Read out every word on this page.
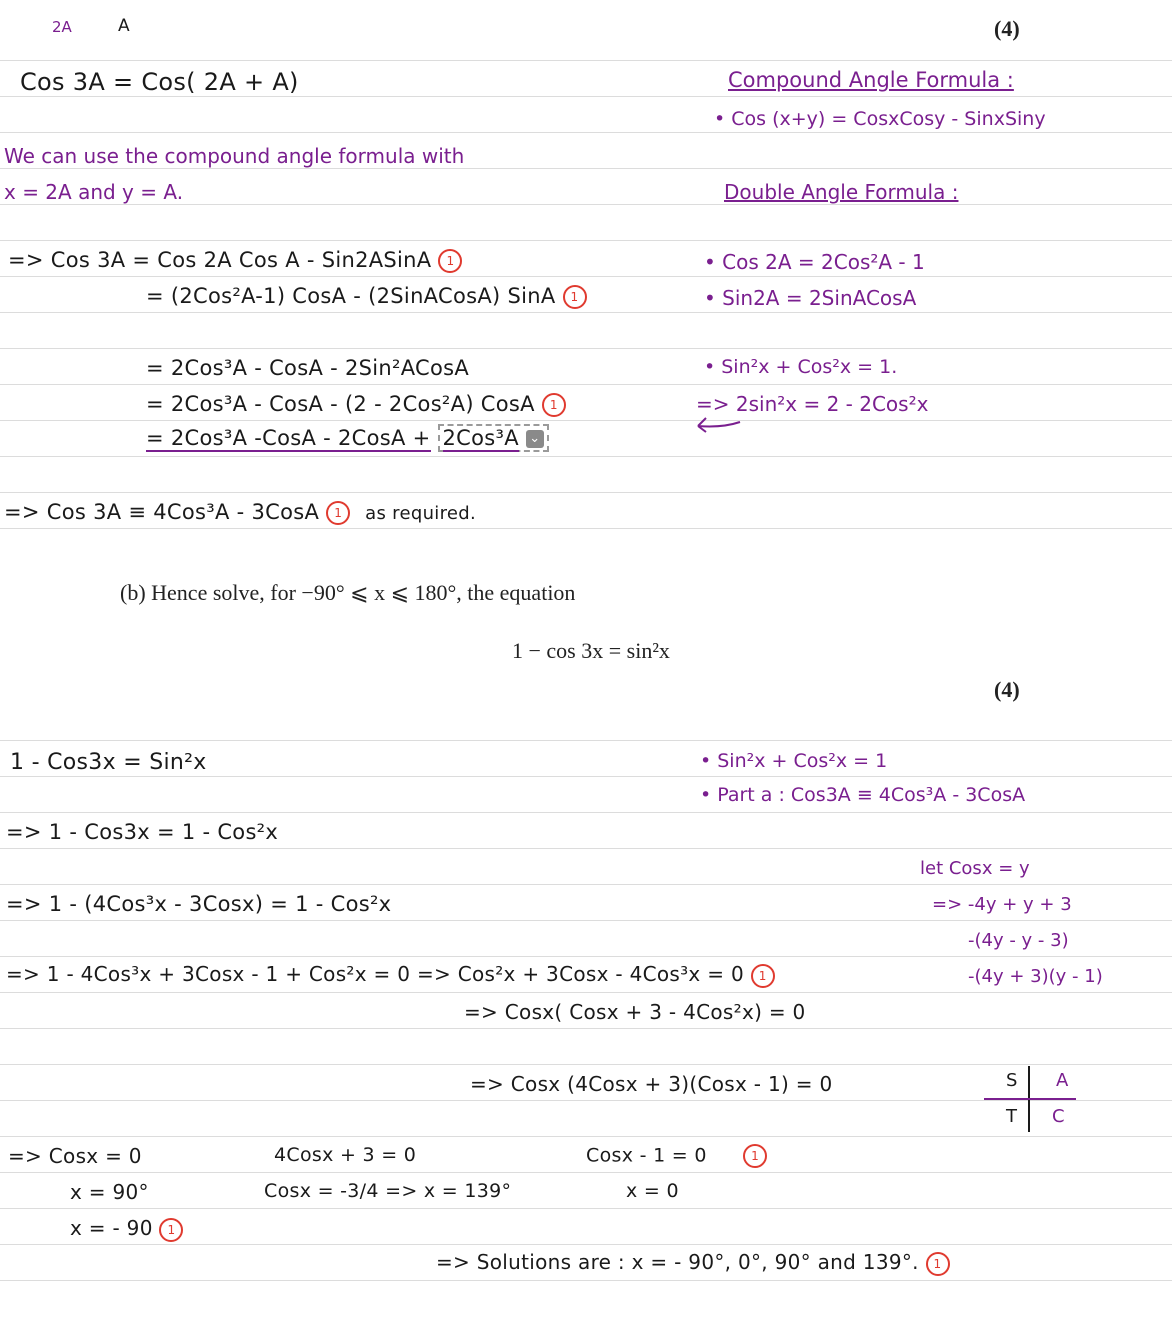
(4)
(4)
2A	A
Cos 3A = Cos( 2A + A)
We can use the compound angle formula with
x = 2A and y = A.
=> Cos 3A = Cos 2A Cos A - Sin2ASinA 1
= (2Cos²A-1) CosA - (2SinACosA) SinA 1
= 2Cos³A - CosA - 2Sin²ACosA
= 2Cos³A - CosA - (2 - 2Cos²A) CosA 1
= 2Cos³A -CosA - 2CosA + 2Cos³A ⌄
=> Cos 3A ≡ 4Cos³A - 3CosA 1 as required.
Compound Angle Formula :
• Cos (x+y) = CosxCosy - SinxSiny
Double Angle Formula :
• Cos 2A = 2Cos²A - 1
• Sin2A = 2SinACosA
• Sin²x + Cos²x = 1.
=> 2sin²x = 2 - 2Cos²x
(b) Hence solve, for −90° ⩽ x ⩽ 180°, the equation
1 − cos 3x = sin²x
1 - Cos3x = Sin²x
=> 1 - Cos3x = 1 - Cos²x
=> 1 - (4Cos³x - 3Cosx) = 1 - Cos²x
=> 1 - 4Cos³x + 3Cosx - 1 + Cos²x = 0 => Cos²x + 3Cosx - 4Cos³x = 0 1
=> Cosx( Cosx + 3 - 4Cos²x) = 0
=> Cosx (4Cosx + 3)(Cosx - 1) = 0
=> Cosx = 0
x = 90°
x = - 90 1
4Cosx + 3 = 0
Cosx = -3/4 => x = 139°
Cosx - 1 = 0	1
x = 0
=> Solutions are : x = - 90°, 0°, 90° and 139°. 1
• Sin²x + Cos²x = 1
• Part a : Cos3A ≡ 4Cos³A - 3CosA
let Cosx = y
=> -4y + y + 3
-(4y - y - 3)
-(4y + 3)(y - 1)
S A
T C
